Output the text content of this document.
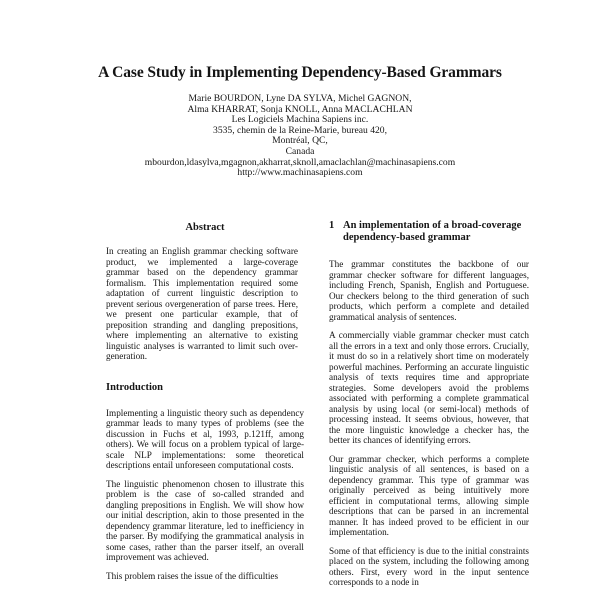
A Case Study in Implementing Dependency-Based Grammars
Marie BOURDON, Lyne DA SYLVA, Michel GAGNON,
Alma KHARRAT, Sonja KNOLL, Anna MACLACHLAN
Les Logiciels Machina Sapiens inc.
3535, chemin de la Reine-Marie, bureau 420,
Montréal, QC,
Canada
mbourdon,ldasylva,mgagnon,akharrat,sknoll,amaclachlan@machinasapiens.com
http://www.machinasapiens.com
Abstract

In creating an English grammar checking software product, we implemented a large-coverage grammar based on the dependency grammar formalism. This implementation required some adaptation of current linguistic description to prevent serious overgeneration of parse trees. Here, we present one particular example, that of preposition stranding and dangling prepositions, where implementing an alternative to existing linguistic analyses is warranted to limit such over-generation.

Introduction

Implementing a linguistic theory such as dependency grammar leads to many types of problems (see the discussion in Fuchs et al, 1993, p.121ff, among others). We will focus on a problem typical of large-scale NLP implementations: some theoretical descriptions entail unforeseen computational costs.

The linguistic phenomenon chosen to illustrate this problem is the case of so-called stranded and dangling prepositions in English. We will show how our initial description, akin to those presented in the dependency grammar literature, led to inefficiency in the parser. By modifying the grammatical analysis in some cases, rather than the parser itself, an overall improvement was achieved.

This problem raises the issue of the difficulties

1 An implementation of a broad-coverage dependency-based grammar

The grammar constitutes the backbone of our grammar checker software for different languages, including French, Spanish, English and Portuguese. Our checkers belong to the third generation of such products, which perform a complete and detailed grammatical analysis of sentences.

A commercially viable grammar checker must catch all the errors in a text and only those errors. Crucially, it must do so in a relatively short time on moderately powerful machines. Performing an accurate linguistic analysis of texts requires time and appropriate strategies. Some developers avoid the problems associated with performing a complete grammatical analysis by using local (or semi-local) methods of processing instead. It seems obvious, however, that the more linguistic knowledge a checker has, the better its chances of identifying errors.

Our grammar checker, which performs a complete linguistic analysis of all sentences, is based on a dependency grammar. This type of grammar was originally perceived as being intuitively more efficient in computational terms, allowing simple descriptions that can be parsed in an incremental manner. It has indeed proved to be efficient in our implementation.

Some of that efficiency is due to the initial constraints placed on the system, including the following among others. First, every word in the input sentence corresponds to a node in
